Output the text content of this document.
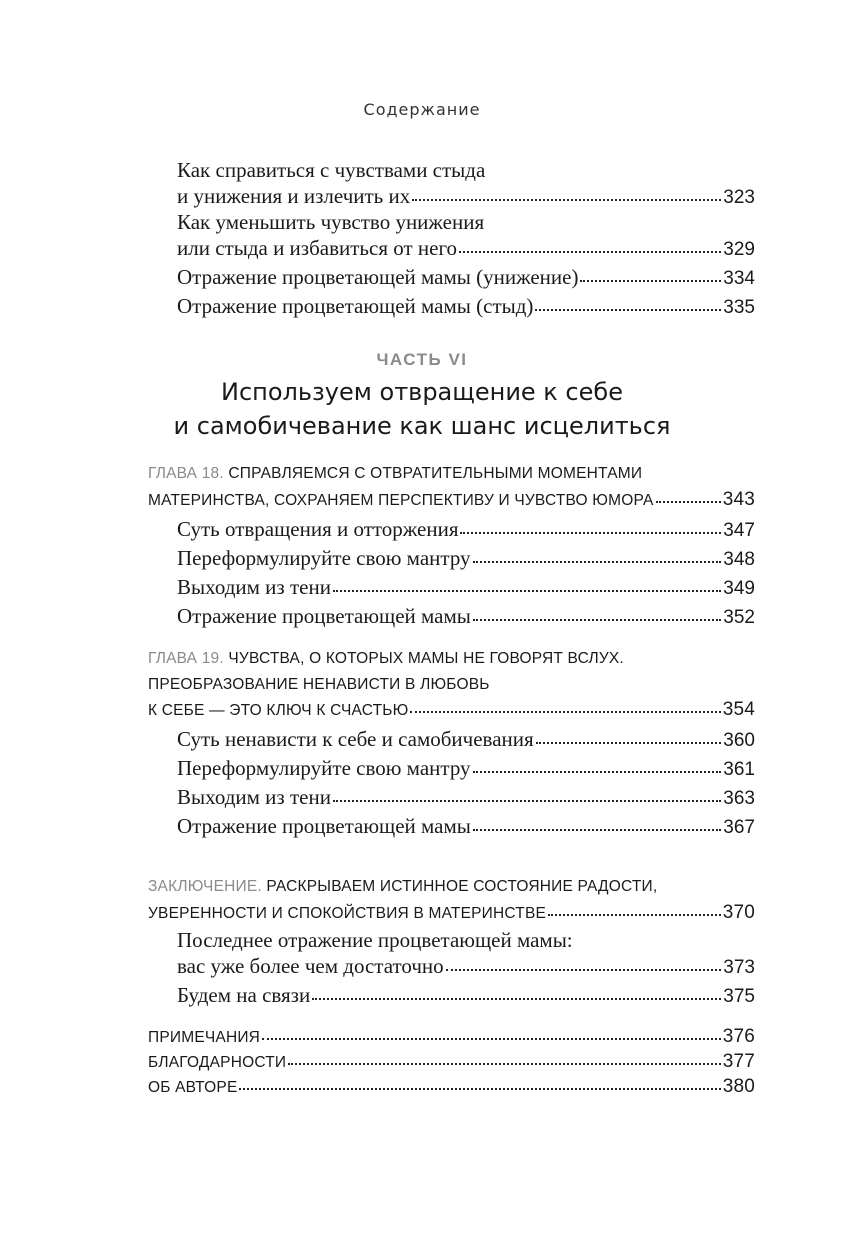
Содержание
Как справиться с чувствами стыда
и унижения и излечить их	323
Как уменьшить чувство унижения
или стыда и избавиться от него	329
Отражение процветающей мамы (унижение)	334
Отражение процветающей мамы (стыд)	335
ЧАСТЬ VI
Используем отвращение к себе
и самобичевание как шанс исцелиться
ГЛАВА 18.
СПРАВЛЯЕМСЯ С ОТВРАТИТЕЛЬНЫМИ МОМЕНТАМИ
МАТЕРИНСТВА, СОХРАНЯЕМ ПЕРСПЕКТИВУ И ЧУВСТВО ЮМОРА	343
Суть отвращения и отторжения	347
Переформулируйте свою мантру	348
Выходим из тени	349
Отражение процветающей мамы	352
ГЛАВА 19.
ЧУВСТВА, О КОТОРЫХ МАМЫ НЕ ГОВОРЯТ ВСЛУХ.
ПРЕОБРАЗОВАНИЕ НЕНАВИСТИ В ЛЮБОВЬ
К СЕБЕ — ЭТО КЛЮЧ К СЧАСТЬЮ	354
Суть ненависти к себе и самобичевания	360
Переформулируйте свою мантру	361
Выходим из тени	363
Отражение процветающей мамы	367
ЗАКЛЮЧЕНИЕ.
РАСКРЫВАЕМ ИСТИННОЕ СОСТОЯНИЕ РАДОСТИ,
УВЕРЕННОСТИ И СПОКОЙСТВИЯ В МАТЕРИНСТВЕ	370
Последнее отражение процветающей мамы:
вас уже более чем достаточно	373
Будем на связи	375
ПРИМЕЧАНИЯ	376
БЛАГОДАРНОСТИ	377
ОБ АВТОРЕ	380
